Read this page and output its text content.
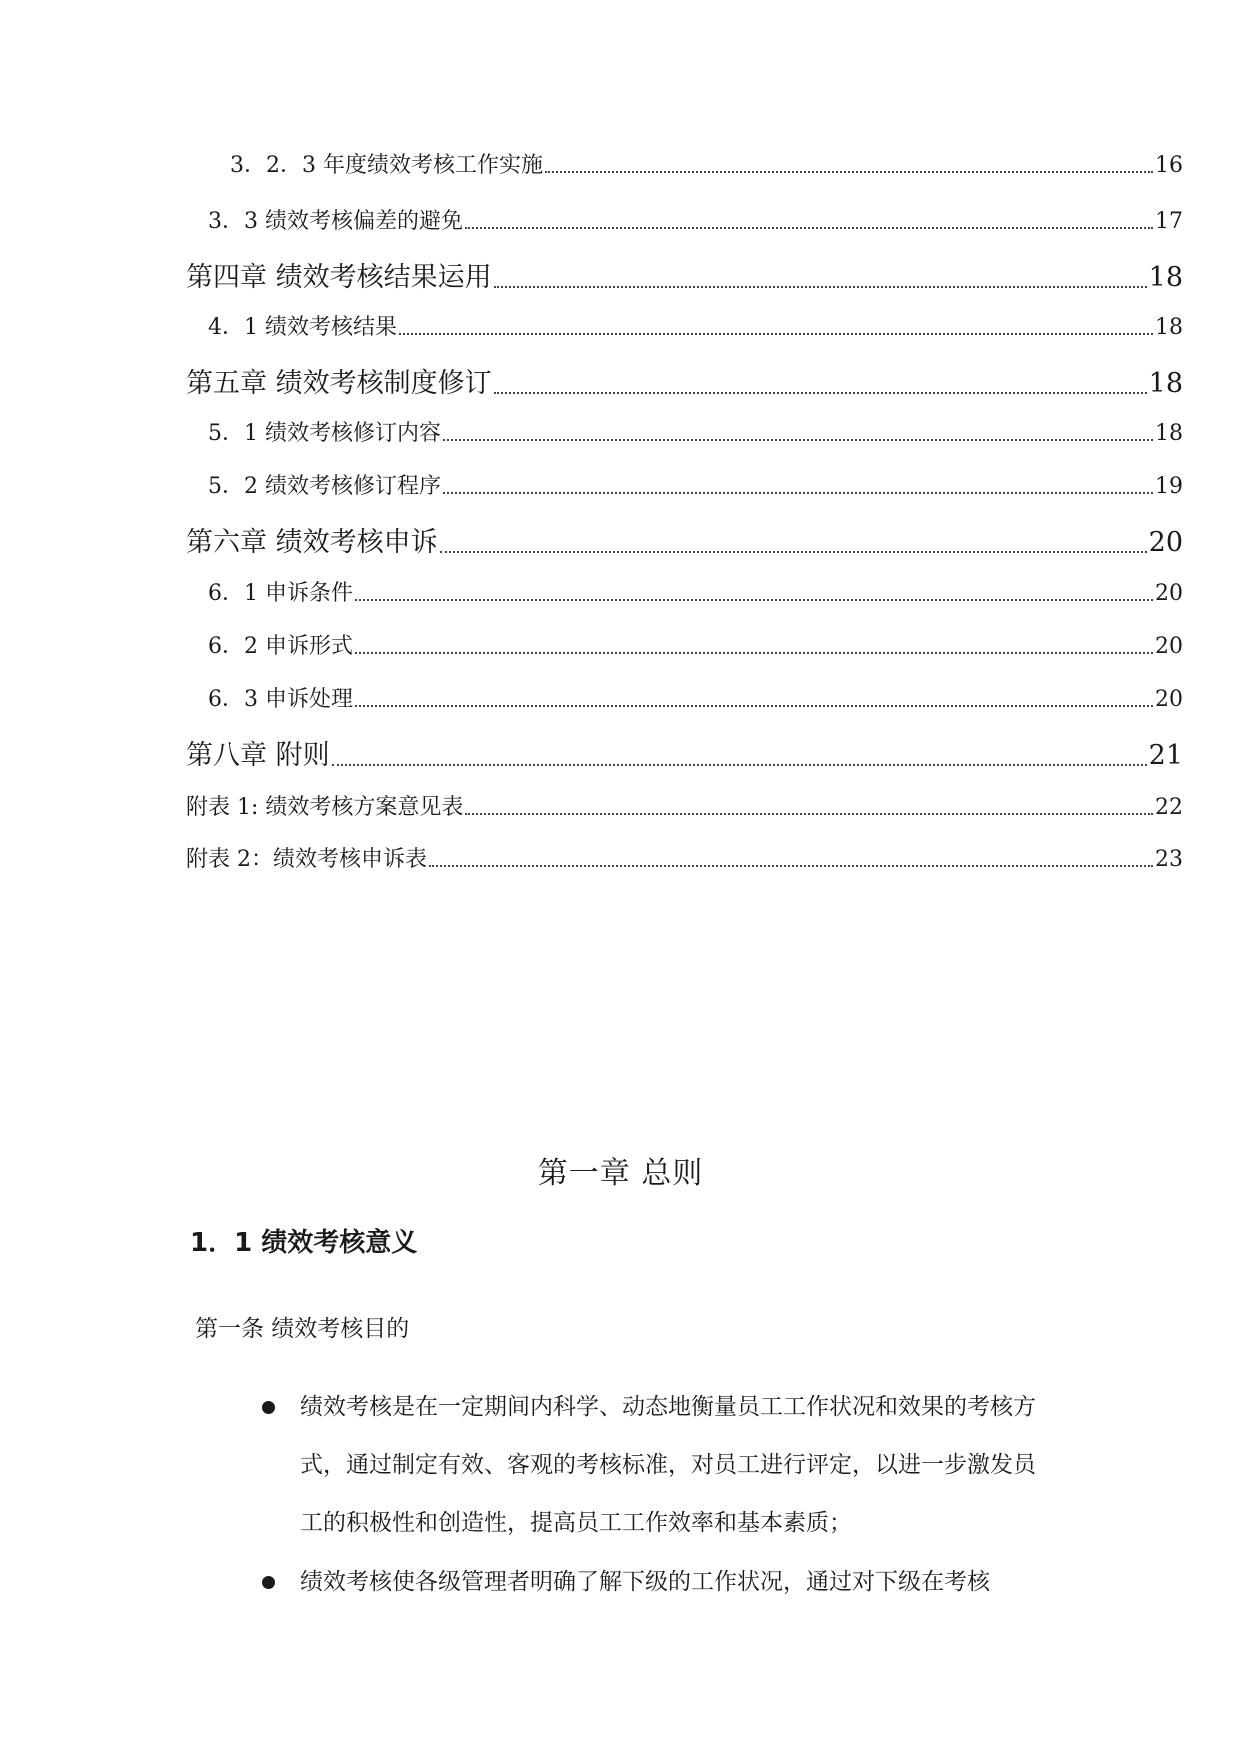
3．2．3 年度绩效考核工作实施	16
3．3 绩效考核偏差的避免	17
第四章 绩效考核结果运用	18
4．1 绩效考核结果	18
第五章 绩效考核制度修订	18
5．1 绩效考核修订内容	18
5．2 绩效考核修订程序	19
第六章 绩效考核申诉	20
6．1 申诉条件	20
6．2 申诉形式	20
6．3 申诉处理	20
第八章 附则	21
附表 1: 绩效考核方案意见表	22
附表 2：绩效考核申诉表	23
第一章 总则
1．1 绩效考核意义
第一条 绩效考核目的
绩效考核是在一定期间内科学、动态地衡量员工工作状况和效果的考核方式，通过制定有效、客观的考核标准，对员工进行评定，以进一步激发员工的积极性和创造性，提高员工工作效率和基本素质；
绩效考核使各级管理者明确了解下级的工作状况，通过对下级在考核
